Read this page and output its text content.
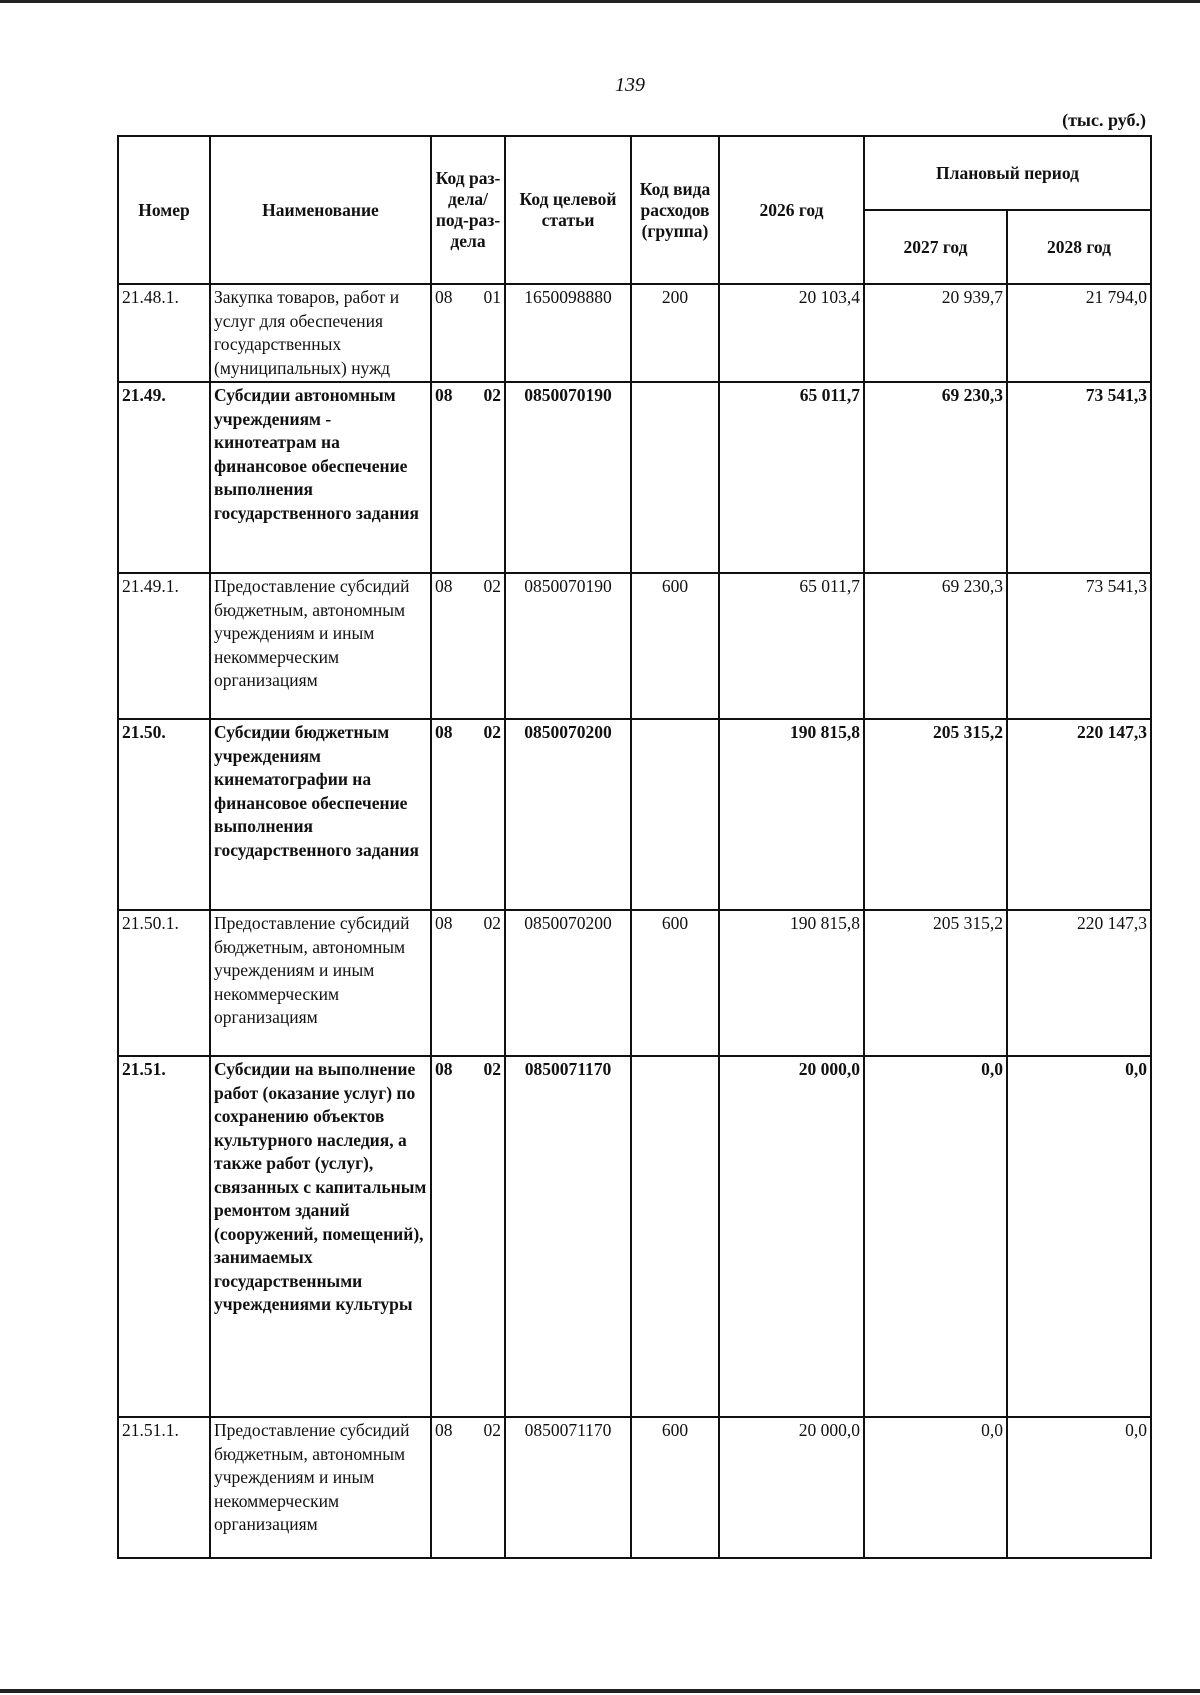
139
(тыс. руб.)
Номер	Наименование	Код раз-дела/ под-раз-дела	Код целевой статьи	Код вида расходов (группа)	2026 год	Плановый период	
						2027 год	2028 год
21.48.1.	Закупка товаров, работ и услуг для обеспечения государственных (муниципальных) нужд	08 01	1650098880	200	20 103,4	20 939,7	21 794,0
21.49.	Субсидии автономным учреждениям - кинотеатрам на финансовое обеспечение выполнения государственного задания	08 02	0850070190		65 011,7	69 230,3	73 541,3
21.49.1.	Предоставление субсидий бюджетным, автономным учреждениям и иным некоммерческим организациям	08 02	0850070190	600	65 011,7	69 230,3	73 541,3
21.50.	Субсидии бюджетным учреждениям кинематографии на финансовое обеспечение выполнения государственного задания	08 02	0850070200		190 815,8	205 315,2	220 147,3
21.50.1.	Предоставление субсидий бюджетным, автономным учреждениям и иным некоммерческим организациям	08 02	0850070200	600	190 815,8	205 315,2	220 147,3
21.51.	Субсидии на выполнение работ (оказание услуг) по сохранению объектов культурного наследия, а также работ (услуг), связанных с капитальным ремонтом зданий (сооружений, помещений), занимаемых государственными учреждениями культуры	08 02	0850071170		20 000,0	0,0	0,0
21.51.1.	Предоставление субсидий бюджетным, автономным учреждениям и иным некоммерческим организациям	08 02	0850071170	600	20 000,0	0,0	0,0
